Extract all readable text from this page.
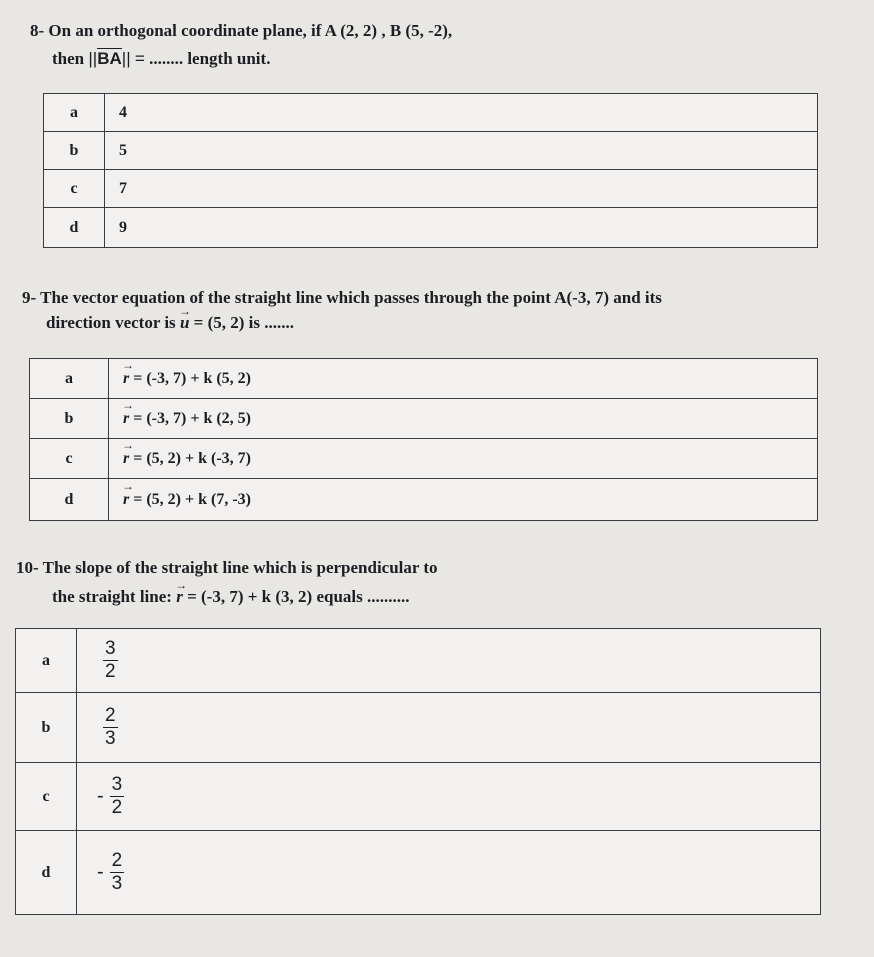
8- On an orthogonal coordinate plane, if A (2, 2) , B (5, -2),
then ||BA|| = ........ length unit.
a	4
b	5
c	7
d	9
9- The vector equation of the straight line which passes through the point A(-3, 7) and its
direction vector is → u = (5, 2) is .......
a	→ r = (-3, 7) + k (5, 2)
b	→ r = (-3, 7) + k (2, 5)
c	→ r = (5, 2) + k (-3, 7)
d	→ r = (5, 2) + k (7, -3)
10- The slope of the straight line which is perpendicular to
the straight line: → r = (-3, 7) + k (3, 2) equals ..........
a	$\frac{3}{2}$

b	$\frac{2}{3}$

c	- $\frac{3}{2}$

d	- $\frac{2}{3}$
